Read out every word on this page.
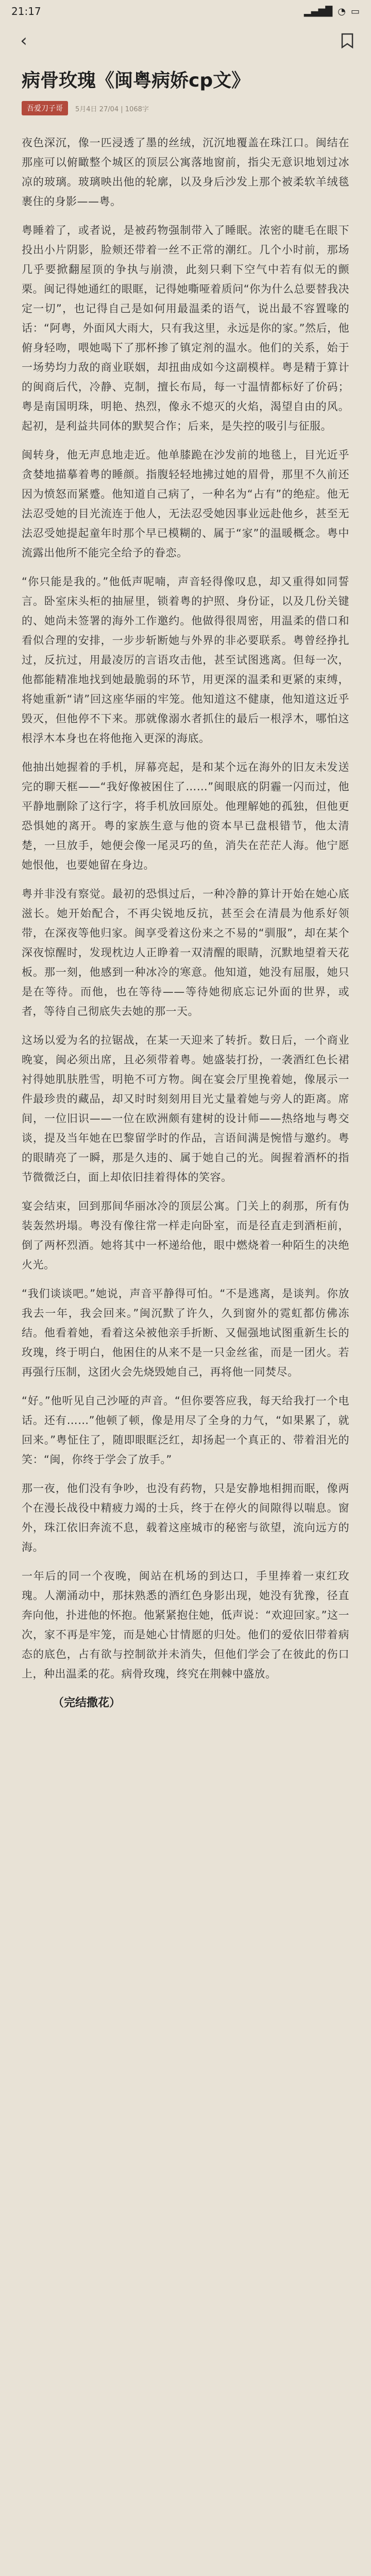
21:17	▂▄▆█ ◔ ▭
‹
病骨玫瑰《闽粤病娇cp文》
吾爱刀子哥	5月4日 27/04 | 1068字

夜色深沉，像一匹浸透了墨的丝绒，沉沉地覆盖在珠江口。闽结在那座可以俯瞰整个城区的顶层公寓落地窗前，指尖无意识地划过冰凉的玻璃。玻璃映出他的轮廓，以及身后沙发上那个被柔软羊绒毯裹住的身影——粤。

粤睡着了，或者说，是被药物强制带入了睡眠。浓密的睫毛在眼下投出小片阴影，脸颊还带着一丝不正常的潮红。几个小时前，那场几乎要掀翻屋顶的争执与崩溃，此刻只剩下空气中若有似无的颤栗。闽记得她通红的眼眶，记得她嘶哑着质问“你为什么总要替我决定一切”，也记得自己是如何用最温柔的语气，说出最不容置喙的话：“阿粤，外面风大雨大，只有我这里，永远是你的家。”然后，他俯身轻吻，喂她喝下了那杯掺了镇定剂的温水。他们的关系，始于一场势均力敌的商业联姻，却扭曲成如今这副模样。粤是精于算计的闽商后代，冷静、克制，擅长布局，每一寸温情都标好了价码；粤是南国明珠，明艳、热烈，像永不熄灭的火焰，渴望自由的风。起初，是利益共同体的默契合作；后来，是失控的吸引与征服。

闽转身，他无声息地走近。他单膝跪在沙发前的地毯上，目光近乎贪婪地描摹着粤的睡颜。指腹轻轻地拂过她的眉骨，那里不久前还因为愤怒而紧蹙。他知道自己病了，一种名为“占有”的绝症。他无法忍受她的目光流连于他人，无法忍受她因事业远赴他乡，甚至无法忍受她提起童年时那个早已模糊的、属于“家”的温暖概念。粤中流露出他所不能完全给予的眷恋。

“你只能是我的。”他低声呢喃，声音轻得像叹息，却又重得如同誓言。卧室床头柜的抽屉里，锁着粤的护照、身份证，以及几份关键的、她尚未签署的海外工作邀约。他做得很周密，用温柔的借口和看似合理的安排，一步步斩断她与外界的非必要联系。粤曾经挣扎过，反抗过，用最凌厉的言语攻击他，甚至试图逃离。但每一次，他都能精准地找到她最脆弱的环节，用更深的温柔和更紧的束缚，将她重新“请”回这座华丽的牢笼。他知道这不健康，他知道这近乎毁灭，但他停不下来。那就像溺水者抓住的最后一根浮木，哪怕这根浮木本身也在将他拖入更深的海底。

他抽出她握着的手机，屏幕亮起，是和某个远在海外的旧友未发送完的聊天框——“我好像被困住了……”闽眼底的阴霾一闪而过，他平静地删除了这行字，将手机放回原处。他理解她的孤独，但他更恐惧她的离开。粤的家族生意与他的资本早已盘根错节，他太清楚，一旦放手，她便会像一尾灵巧的鱼，消失在茫茫人海。他宁愿她恨他，也要她留在身边。

粤并非没有察觉。最初的恐惧过后，一种冷静的算计开始在她心底滋长。她开始配合，不再尖锐地反抗，甚至会在清晨为他系好领带，在深夜等他归家。闽享受着这份来之不易的“驯服”，却在某个深夜惊醒时，发现枕边人正睁着一双清醒的眼睛，沉默地望着天花板。那一刻，他感到一种冰冷的寒意。他知道，她没有屈服，她只是在等待。而他，也在等待——等待她彻底忘记外面的世界，或者，等待自己彻底失去她的那一天。

这场以爱为名的拉锯战，在某一天迎来了转折。数日后，一个商业晚宴，闽必须出席，且必须带着粤。她盛装打扮，一袭酒红色长裙衬得她肌肤胜雪，明艳不可方物。闽在宴会厅里挽着她，像展示一件最珍贵的藏品，却又时时刻刻用目光丈量着她与旁人的距离。席间，一位旧识——一位在欧洲颇有建树的设计师——热络地与粤交谈，提及当年她在巴黎留学时的作品，言语间满是惋惜与邀约。粤的眼睛亮了一瞬，那是久违的、属于她自己的光。闽握着酒杯的指节微微泛白，面上却依旧挂着得体的笑容。

宴会结束，回到那间华丽冰冷的顶层公寓。门关上的刹那，所有伪装轰然坍塌。粤没有像往常一样走向卧室，而是径直走到酒柜前，倒了两杯烈酒。她将其中一杯递给他，眼中燃烧着一种陌生的决绝火光。

“我们谈谈吧。”她说，声音平静得可怕。“不是逃离，是谈判。你放我去一年，我会回来。”闽沉默了许久，久到窗外的霓虹都仿佛冻结。他看着她，看着这朵被他亲手折断、又倔强地试图重新生长的玫瑰，终于明白，他困住的从来不是一只金丝雀，而是一团火。若再强行压制，这团火会先烧毁她自己，再将他一同焚尽。

“好。”他听见自己沙哑的声音。“但你要答应我，每天给我打一个电话。还有……”他顿了顿，像是用尽了全身的力气，“如果累了，就回来。”粤怔住了，随即眼眶泛红，却扬起一个真正的、带着泪光的笑：“闽，你终于学会了放手。”

那一夜，他们没有争吵，也没有药物，只是安静地相拥而眠，像两个在漫长战役中精疲力竭的士兵，终于在停火的间隙得以喘息。窗外，珠江依旧奔流不息，载着这座城市的秘密与欲望，流向远方的海。

一年后的同一个夜晚，闽站在机场的到达口，手里捧着一束红玫瑰。人潮涌动中，那抹熟悉的酒红色身影出现，她没有犹豫，径直奔向他，扑进他的怀抱。他紧紧抱住她，低声说：“欢迎回家。”这一次，家不再是牢笼，而是她心甘情愿的归处。他们的爱依旧带着病态的底色，占有欲与控制欲并未消失，但他们学会了在彼此的伤口上，种出温柔的花。病骨玫瑰，终究在荆棘中盛放。

（完结撒花）
